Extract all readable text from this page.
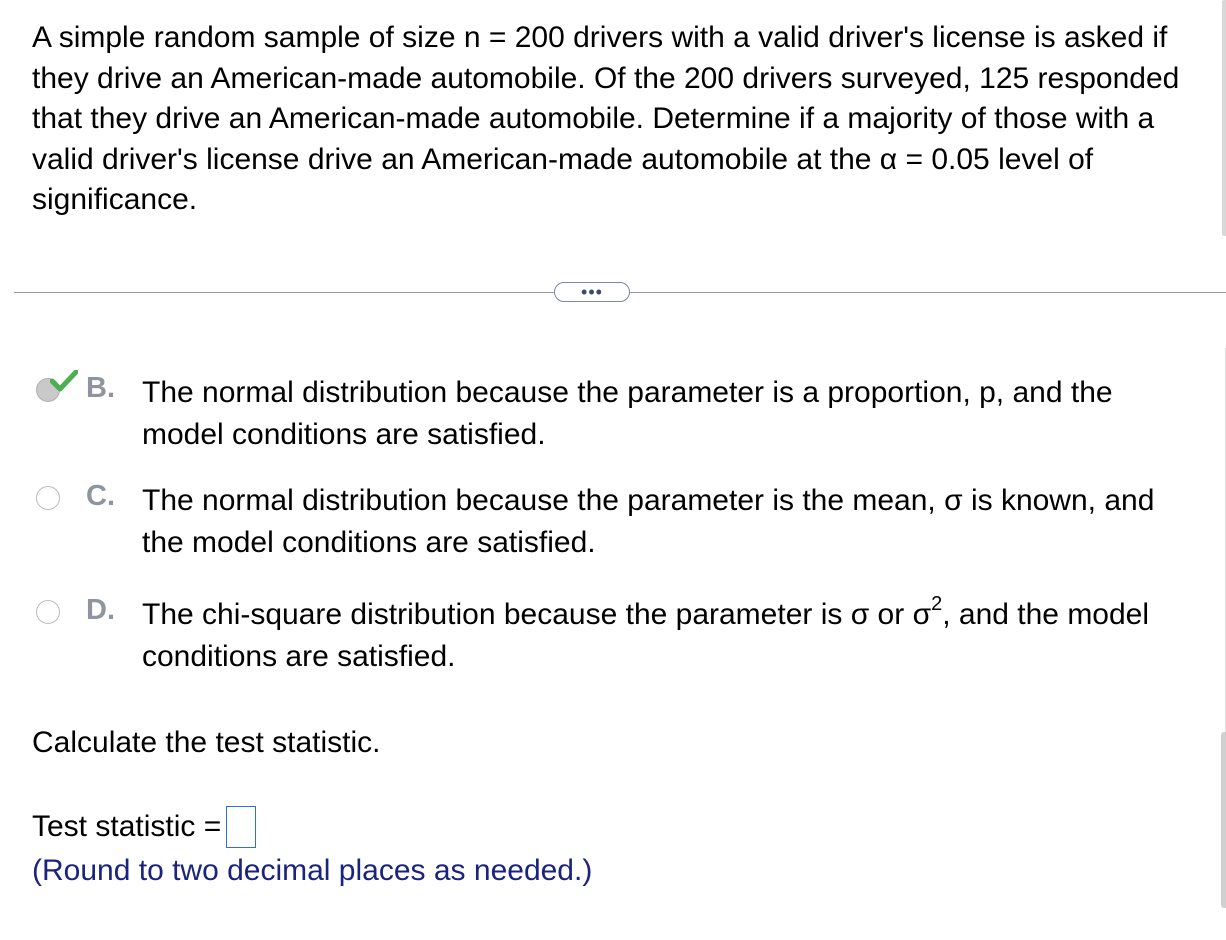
A simple random sample of size n = 200 drivers with a valid driver's license is asked if they drive an American-made automobile. Of the 200 drivers surveyed, 125 responded that they drive an American-made automobile. Determine if a majority of those with a valid driver's license drive an American-made automobile at the α = 0.05 level of significance.

•••
B. The normal distribution because the parameter is a proportion, p, and the model conditions are satisfied.
C. The normal distribution because the parameter is the mean, σ is known, and the model conditions are satisfied.
D. The chi-square distribution because the parameter is σ or $\sigma^2$, and the model conditions are satisfied.
Calculate the test statistic.
Test statistic =
(Round to two decimal places as needed.)
